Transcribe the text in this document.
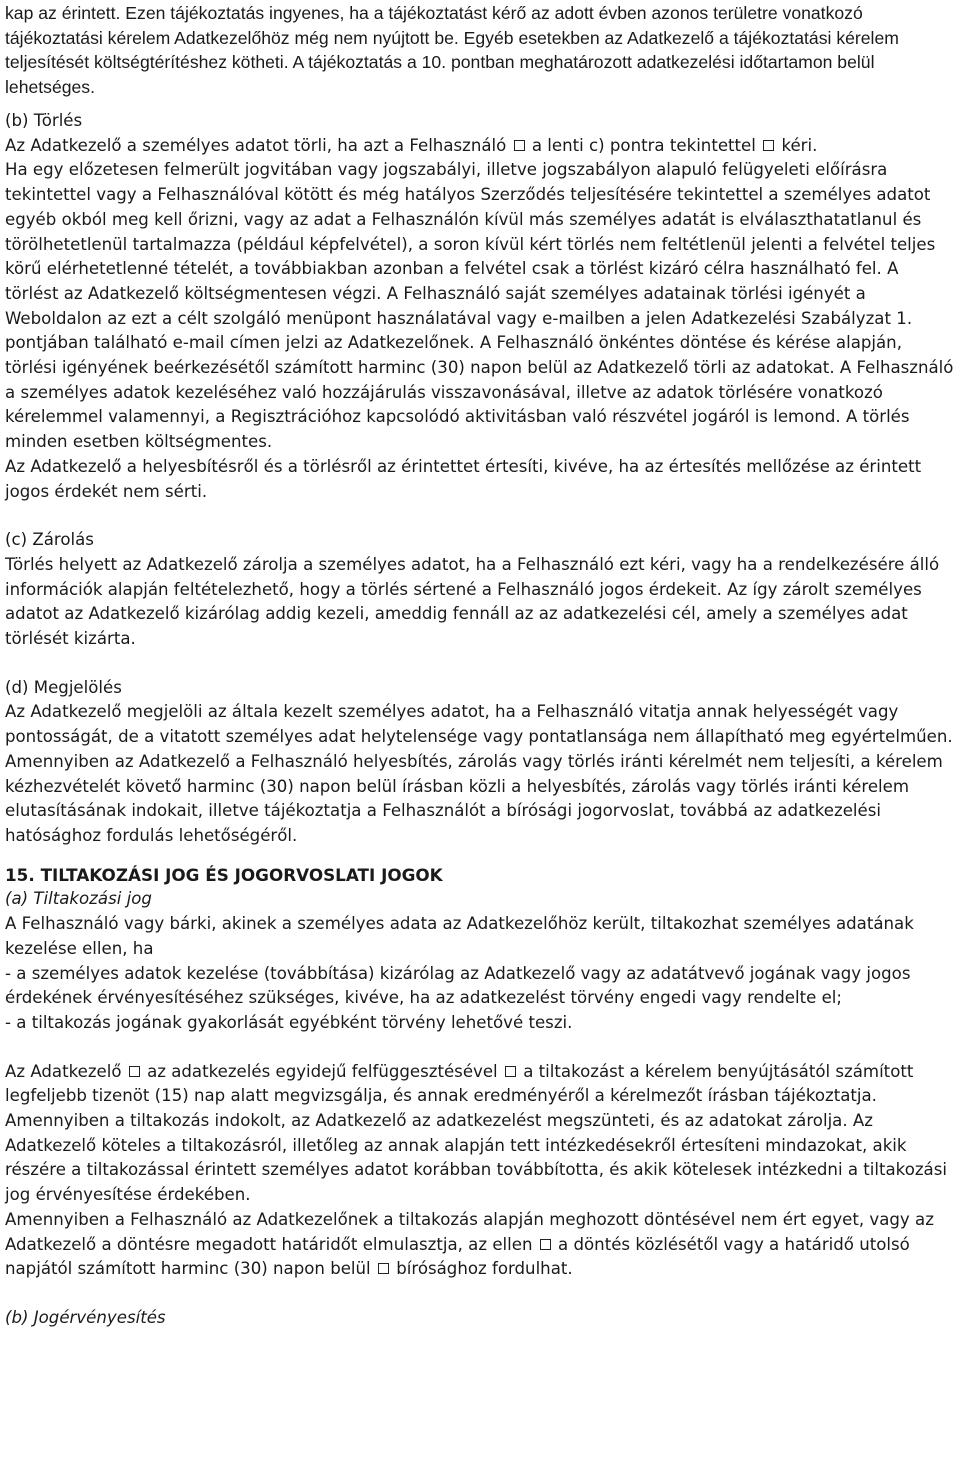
kap az érintett. Ezen tájékoztatás ingyenes, ha a tájékoztatást kérő az adott évben azonos területre vonatkozó tájékoztatási kérelem Adatkezelőhöz még nem nyújtott be. Egyéb esetekben az Adatkezelő a tájékoztatási kérelem teljesítését költségtérítéshez kötheti. A tájékoztatás a 10. pontban meghatározott adatkezelési időtartamon belül lehetséges.

(b) Törlés

Az Adatkezelő a személyes adatot törli, ha azt a Felhasználó a lenti c) pontra tekintettel kéri.

Ha egy előzetesen felmerült jogvitában vagy jogszabályi, illetve jogszabályon alapuló felügyeleti előírásra tekintettel vagy a Felhasználóval kötött és még hatályos Szerződés teljesítésére tekintettel a személyes adatot egyéb okból meg kell őrizni, vagy az adat a Felhasználón kívül más személyes adatát is elválaszthatatlanul és törölhetetlenül tartalmazza (például képfelvétel), a soron kívül kért törlés nem feltétlenül jelenti a felvétel teljes körű elérhetetlenné tételét, a továbbiakban azonban a felvétel csak a törlést kizáró célra használható fel. A törlést az Adatkezelő költségmentesen végzi. A Felhasználó saját személyes adatainak törlési igényét a Weboldalon az ezt a célt szolgáló menüpont használatával vagy e-mailben a jelen Adatkezelési Szabályzat 1. pontjában található e-mail címen jelzi az Adatkezelőnek. A Felhasználó önkéntes döntése és kérése alapján, törlési igényének beérkezésétől számított harminc (30) napon belül az Adatkezelő törli az adatokat. A Felhasználó a személyes adatok kezeléséhez való hozzájárulás visszavonásával, illetve az adatok törlésére vonatkozó kérelemmel valamennyi, a Regisztrációhoz kapcsolódó aktivitásban való részvétel jogáról is lemond. A törlés minden esetben költségmentes.

Az Adatkezelő a helyesbítésről és a törlésről az érintettet értesíti, kivéve, ha az értesítés mellőzése az érintett jogos érdekét nem sérti.

(c) Zárolás

Törlés helyett az Adatkezelő zárolja a személyes adatot, ha a Felhasználó ezt kéri, vagy ha a rendelkezésére álló információk alapján feltételezhető, hogy a törlés sértené a Felhasználó jogos érdekeit. Az így zárolt személyes adatot az Adatkezelő kizárólag addig kezeli, ameddig fennáll az az adatkezelési cél, amely a személyes adat törlését kizárta.

(d) Megjelölés

Az Adatkezelő megjelöli az általa kezelt személyes adatot, ha a Felhasználó vitatja annak helyességét vagy pontosságát, de a vitatott személyes adat helytelensége vagy pontatlansága nem állapítható meg egyértelműen.

Amennyiben az Adatkezelő a Felhasználó helyesbítés, zárolás vagy törlés iránti kérelmét nem teljesíti, a kérelem kézhezvételét követő harminc (30) napon belül írásban közli a helyesbítés, zárolás vagy törlés iránti kérelem elutasításának indokait, illetve tájékoztatja a Felhasználót a bírósági jogorvoslat, továbbá az adatkezelési hatósághoz fordulás lehetőségéről.

15. TILTAKOZÁSI JOG ÉS JOGORVOSLATI JOGOK

(a) Tiltakozási jog

A Felhasználó vagy bárki, akinek a személyes adata az Adatkezelőhöz került, tiltakozhat személyes adatának kezelése ellen, ha

- a személyes adatok kezelése (továbbítása) kizárólag az Adatkezelő vagy az adatátvevő jogának vagy jogos érdekének érvényesítéséhez szükséges, kivéve, ha az adatkezelést törvény engedi vagy rendelte el;

- a tiltakozás jogának gyakorlását egyébként törvény lehetővé teszi.

Az Adatkezelő az adatkezelés egyidejű felfüggesztésével a tiltakozást a kérelem benyújtásától számított legfeljebb tizenöt (15) nap alatt megvizsgálja, és annak eredményéről a kérelmezőt írásban tájékoztatja. Amennyiben a tiltakozás indokolt, az Adatkezelő az adatkezelést megszünteti, és az adatokat zárolja. Az Adatkezelő köteles a tiltakozásról, illetőleg az annak alapján tett intézkedésekről értesíteni mindazokat, akik részére a tiltakozással érintett személyes adatot korábban továbbította, és akik kötelesek intézkedni a tiltakozási jog érvényesítése érdekében.

Amennyiben a Felhasználó az Adatkezelőnek a tiltakozás alapján meghozott döntésével nem ért egyet, vagy az Adatkezelő a döntésre megadott határidőt elmulasztja, az ellen a döntés közlésétől vagy a határidő utolsó napjától számított harminc (30) napon belül bírósághoz fordulhat.

(b) Jogérvényesítés
